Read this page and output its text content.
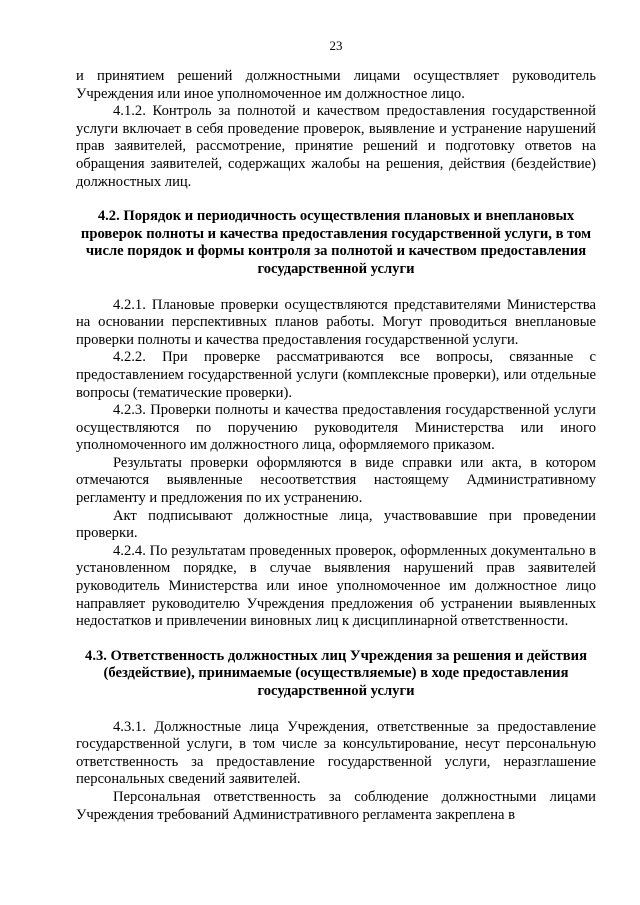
23

и принятием решений должностными лицами осуществляет руководитель Учреждения или иное уполномоченное им должностное лицо.

4.1.2. Контроль за полнотой и качеством предоставления государственной услуги включает в себя проведение проверок, выявление и устранение нарушений прав заявителей, рассмотрение, принятие решений и подготовку ответов на обращения заявителей, содержащих жалобы на решения, действия (бездействие) должностных лиц.

4.2. Порядок и периодичность осуществления плановых и внеплановых проверок полноты и качества предоставления государственной услуги, в том числе порядок и формы контроля за полнотой и качеством предоставления государственной услуги

4.2.1. Плановые проверки осуществляются представителями Министерства на основании перспективных планов работы. Могут проводиться внеплановые проверки полноты и качества предоставления государственной услуги.

4.2.2. При проверке рассматриваются все вопросы, связанные с предоставлением государственной услуги (комплексные проверки), или отдельные вопросы (тематические проверки).

4.2.3. Проверки полноты и качества предоставления государственной услуги осуществляются по поручению руководителя Министерства или иного уполномоченного им должностного лица, оформляемого приказом.

Результаты проверки оформляются в виде справки или акта, в котором отмечаются выявленные несоответствия настоящему Административному регламенту и предложения по их устранению.

Акт подписывают должностные лица, участвовавшие при проведении проверки.

4.2.4. По результатам проведенных проверок, оформленных документально в установленном порядке, в случае выявления нарушений прав заявителей руководитель Министерства или иное уполномоченное им должностное лицо направляет руководителю Учреждения предложения об устранении выявленных недостатков и привлечении виновных лиц к дисциплинарной ответственности.

4.3. Ответственность должностных лиц Учреждения за решения и действия (бездействие), принимаемые (осуществляемые) в ходе предоставления государственной услуги

4.3.1. Должностные лица Учреждения, ответственные за предоставление государственной услуги, в том числе за консультирование, несут персональную ответственность за предоставление государственной услуги, неразглашение персональных сведений заявителей.

Персональная ответственность за соблюдение должностными лицами Учреждения требований Административного регламента закреплена в
